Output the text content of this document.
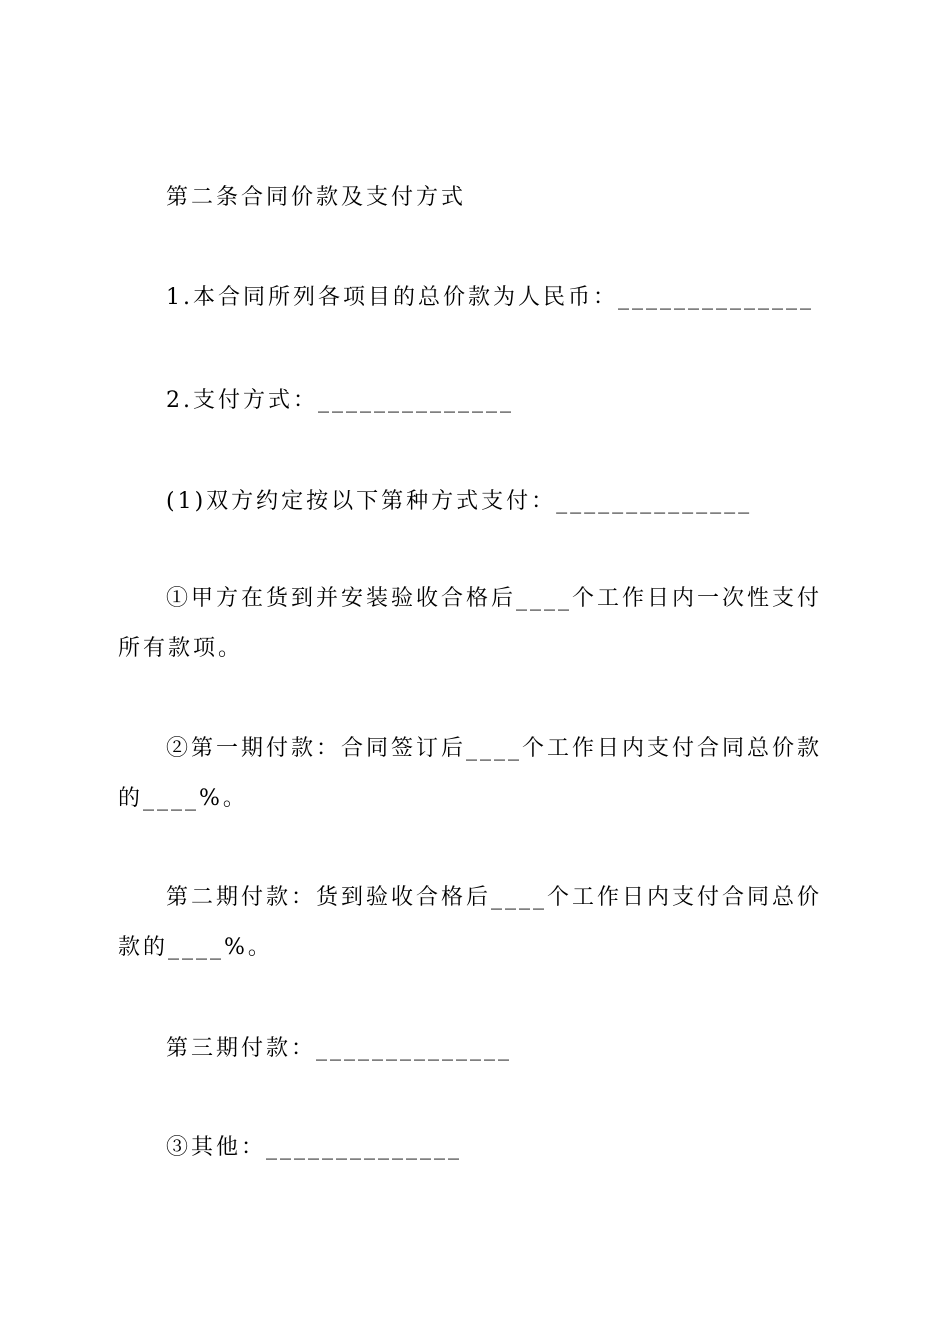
第二条合同价款及支付方式

1.本合同所列各项目的总价款为人民币：______________

2.支付方式：______________

(1)双方约定按以下第种方式支付：______________

①甲方在货到并安装验收合格后____个工作日内一次性支付所有款项。

②第一期付款：合同签订后____个工作日内支付合同总价款的____%。

第二期付款：货到验收合格后____个工作日内支付合同总价款的____%。

第三期付款：______________

③其他：______________
